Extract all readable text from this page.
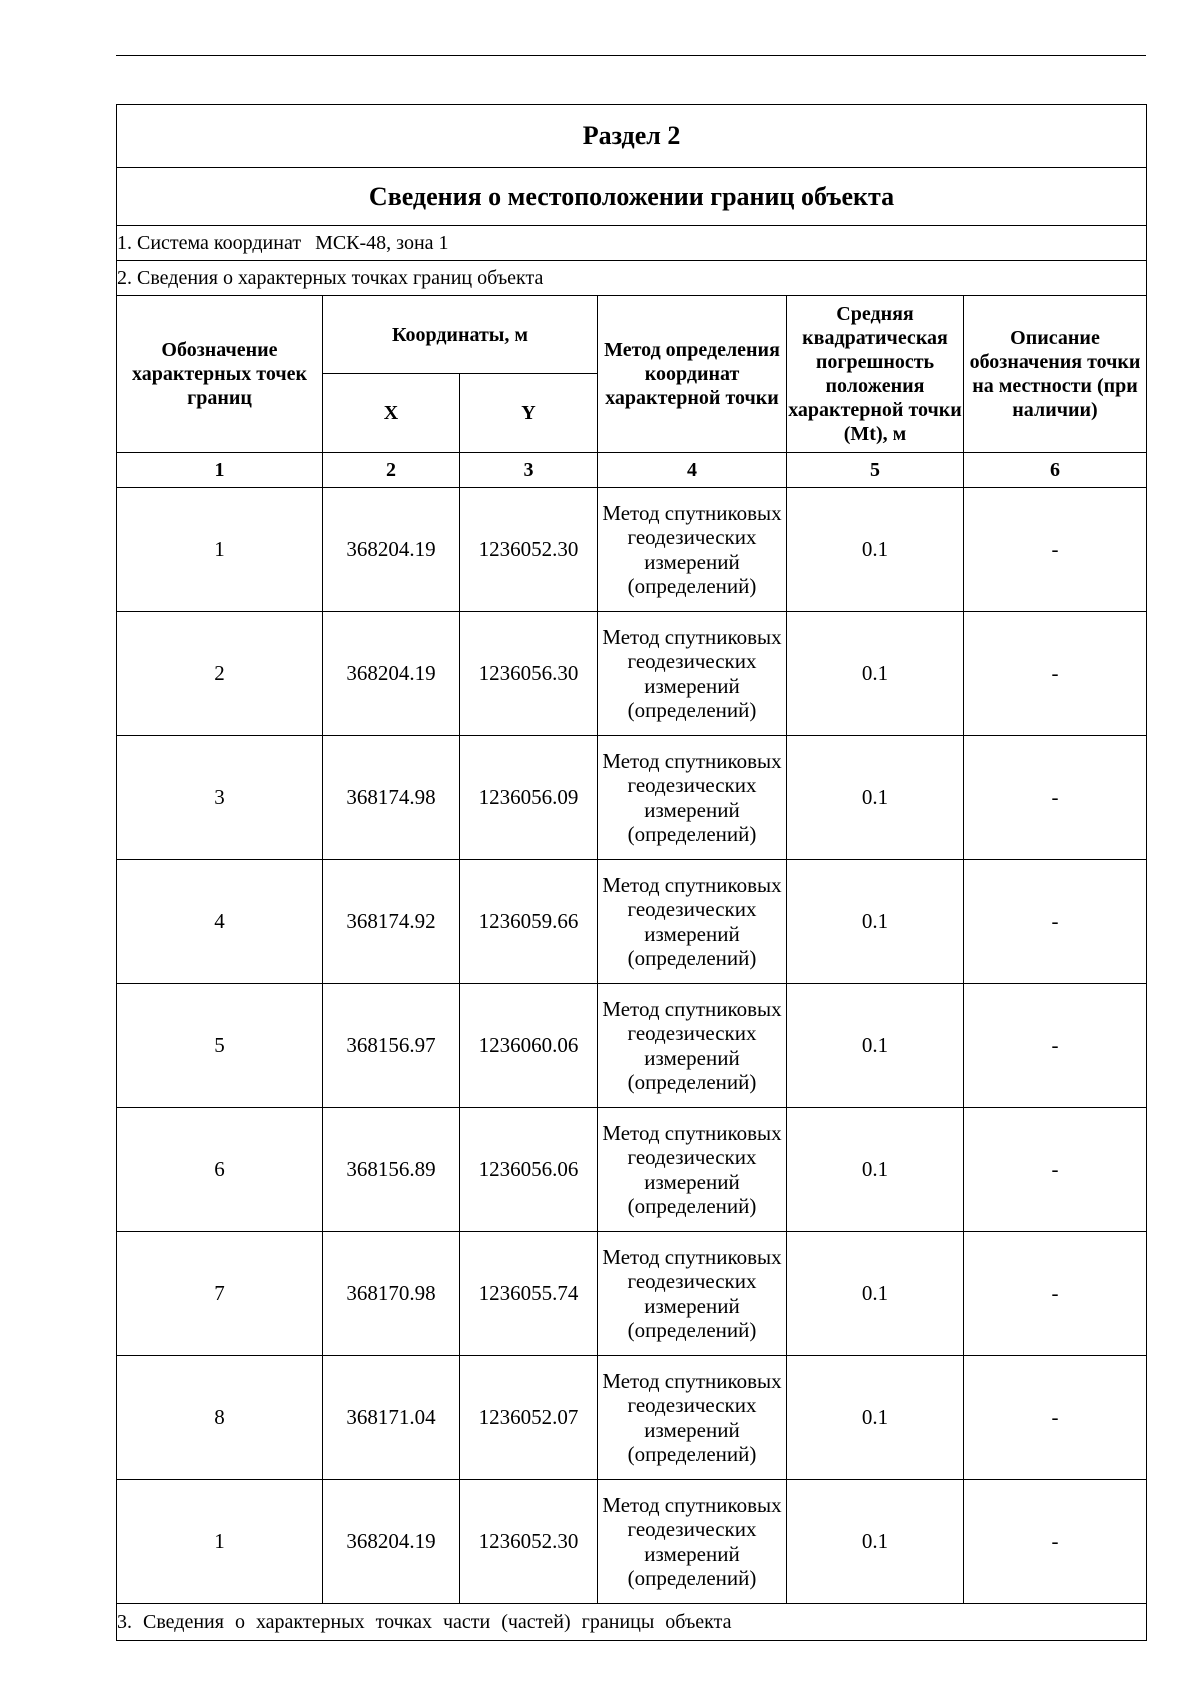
Раздел 2					
Сведения о местоположении границ объекта					
1. Система координат МСК-48, зона 1					
2. Сведения о характерных точках границ объекта					
Обозначение характерных точек границ	Координаты, м		Метод определения координат характерной точки	Средняя квадратическая погрешность положения характерной точки (Mt), м	Описание обозначения точки на местности (при наличии)
	X	Y			
1	2	3	4	5	6
1	368204.19	1236052.30	Метод спутниковых геодезических измерений (определений)	0.1	-
2	368204.19	1236056.30	Метод спутниковых геодезических измерений (определений)	0.1	-
3	368174.98	1236056.09	Метод спутниковых геодезических измерений (определений)	0.1	-
4	368174.92	1236059.66	Метод спутниковых геодезических измерений (определений)	0.1	-
5	368156.97	1236060.06	Метод спутниковых геодезических измерений (определений)	0.1	-
6	368156.89	1236056.06	Метод спутниковых геодезических измерений (определений)	0.1	-
7	368170.98	1236055.74	Метод спутниковых геодезических измерений (определений)	0.1	-
8	368171.04	1236052.07	Метод спутниковых геодезических измерений (определений)	0.1	-
1	368204.19	1236052.30	Метод спутниковых геодезических измерений (определений)	0.1	-
3. Сведения о характерных точках части (частей) границы объекта					
